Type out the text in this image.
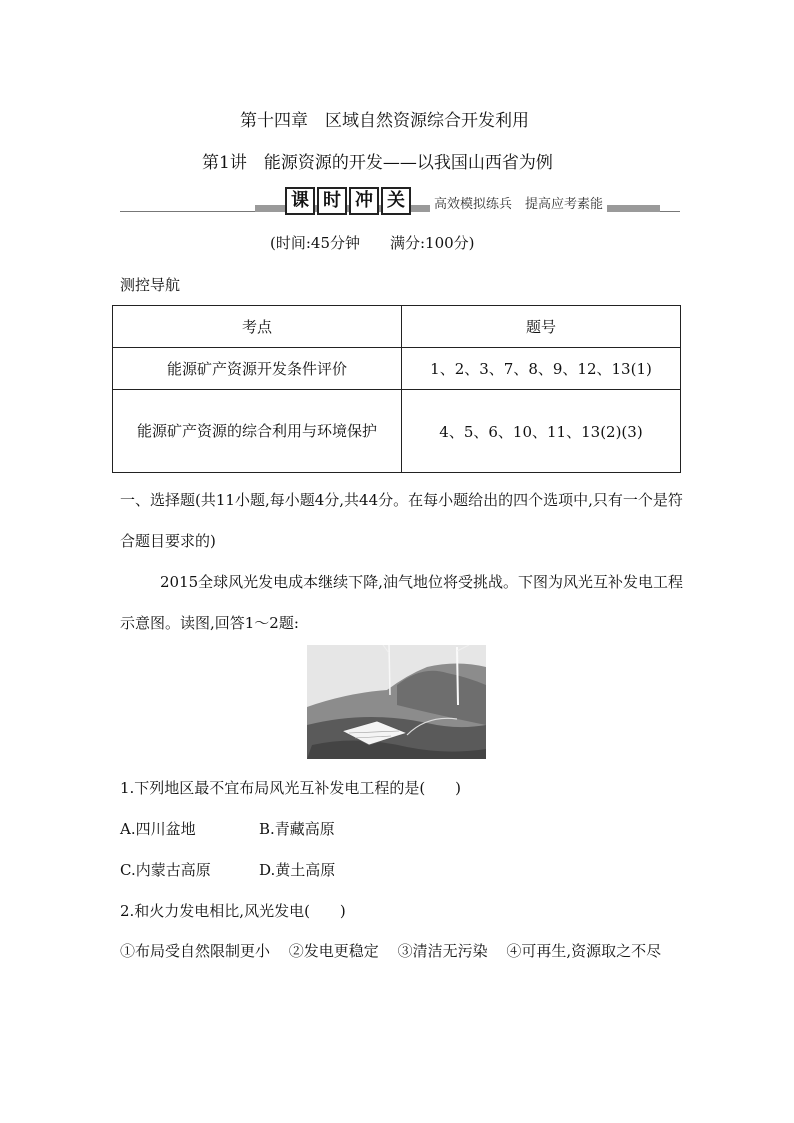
第十四章　区域自然资源综合开发利用
第1讲　能源资源的开发——以我国山西省为例
课 时 冲 关	高效模拟练兵　提高应考素能
(时间:45分钟　　满分:100分)
测控导航
考点	题号
能源矿产资源开发条件评价	1、2、3、7、8、9、12、13(1)
能源矿产资源的综合利用与环境保护	4、5、6、10、11、13(2)(3)
一、选择题(共11小题,每小题4分,共44分。在每小题给出的四个选项中,只有一个是符合题目要求的)
2015全球风光发电成本继续下降,油气地位将受挑战。下图为风光互补发电工程示意图。读图,回答1～2题:
1.下列地区最不宜布局风光互补发电工程的是(　　)
A.四川盆地	B.青藏高原
C.内蒙古高原	D.黄土高原
2.和火力发电相比,风光发电(　　)
①布局受自然限制更小 ②发电更稳定 ③清洁无污染 ④可再生,资源取之不尽
